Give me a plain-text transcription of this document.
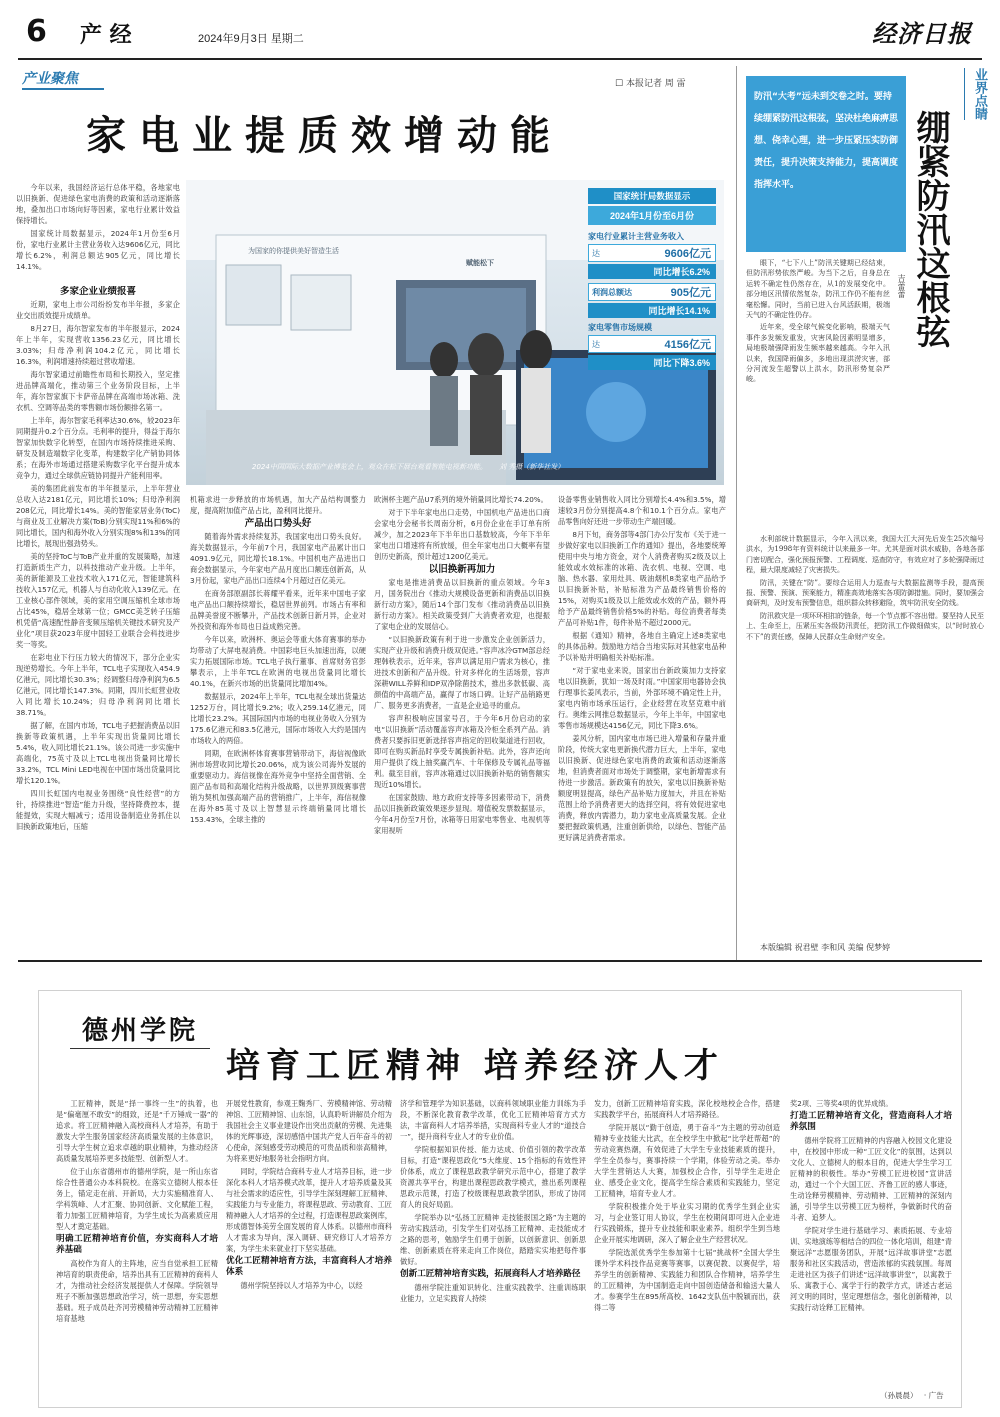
6 产 经	2024年9月3日 星期二	经济日报
产业聚焦	☐ 本报记者 周 雷
家电业提质效增动能

今年以来，我国经济运行总体平稳，各地家电以旧换新、促进绿色家电消费的政策和活动逐渐落地，叠加出口市场向好等因素，家电行业累计效益保持增长。

国家统计局数据显示，2024年1月份至6月份，家电行业累计主营业务收入达9606亿元，同比增长6.2%，利润总额达905亿元，同比增长14.1%。

为国家的你提供美好智造生活
赋能松下
2024中国国际大数据产业博览会上，观众在松下展台观看智能电视新功能。 刘 秀摄（新华社发）
国家统计局数据显示
2024年1月份至6月份
家电行业累计主营业务收入
达	9606亿元
同比增长6.2%
利润总额达	905亿元
同比增长14.1%
家电零售市场规模
达	4156亿元
同比下降3.6%

多家企业业绩报喜

近期，家电上市公司纷纷发布半年报，多家企业交出质效提升成绩单。

8月27日，海尔智家发布的半年报显示，2024年上半年，实现营收1356.23亿元，同比增长3.03%；归母净利润104.2亿元，同比增长16.3%，利润增速持续超过营收增速。

海尔智家通过前瞻性布局和长期投入，坚定推进品牌高端化，推动第三个业务阶段目标，上半年，海尔智家旗下卡萨帝品牌在高端市场冰箱、洗衣机、空调等品类的零售额市场份额排名第一。

上半年，海尔智家毛利率达30.6%，较2023年同期提升0.2个百分点。毛利率的提升，得益于海尔智家加快数字化转型，在国内市场持续推进采购、研发及制造端数字化变革，构建数字化产销协同体系；在海外市场通过搭建采购数字化平台提升成本竞争力，通过全球供应链协同提升产能利用率。

美的集团此前发布的半年报显示，上半年营业总收入达2181亿元，同比增长10%；归母净利润208亿元，同比增长14%。美的智能家居业务(ToC)与商业及工业解决方案(ToB)分别实现11%和6%的同比增长，国内和海外收入分别实现8%和13%的同比增长，展现出强劲势头。

美的坚持ToC与ToB产业并重的发展策略，加速打造新质生产力，以科技推动产业升级。上半年，美的新能源及工业技术收入171亿元，智能建筑科技收入157亿元，机器人与自动化收入139亿元。在工业核心部件领域，美的家用空调压缩机全球市场占比45%，稳居全球第一位；GMCC美芝转子压缩机凭借“高速配性静音变频压缩机关键技术研究及产业化”项目获2023年度中国轻工业联合会科技进步奖一等奖。

在彩电业下行压力较大的情况下，部分企业实现逆势增长。今年上半年，TCL电子实现收入454.9亿港元，同比增长30.3%；经调整归母净利润为6.5亿港元，同比增长147.3%。同期，四川长虹营业收入同比增长10.24%；归母净利润同比增长38.71%。

据了解，在国内市场，TCL电子把握消费品以旧换新等政策机遇，上半年实现出货量同比增长5.4%，收入同比增长21.1%。该公司进一步实施中高端化，75英寸及以上TCL电视出货量同比增长33.2%，TCL Mini LED电视在中国市场出货量同比增长120.1%。

四川长虹国内电视业务围绕“良性经营”的方针，持续推进“智造”能力升级，坚持降费控本，提能提效，实现大幅减亏；适用设备制造业务抓住以旧换新政策地后，压缩

机箱求进一步释放的市场机遇，加大产品结构调整力度，提高附加值产品占比，盈利同比提升。

产品出口势头好

随着海外需求持续复苏，我国家电出口势头良好。海关数据显示，今年前7个月，我国家电产品累计出口4091.9亿元，同比增长18.1%。中国机电产品进出口商会数据显示，今年家电产品月度出口额连创新高，从3月份起，家电产品出口连续4个月超过百亿美元。

在商务部原副部长蒋耀平看来，近年来中国电子家电产品出口额持续增长，稳居世界前列。市场占有率和品牌美誉度不断攀升，产品技术创新日新月异，企业对外投资和海外布局也日益成熟完善。

今年以来，欧洲杯、奥运会等重大体育赛事的举办均带动了大屏电视消费。中国彩电巨头加速出海，以硬实力拓展国际市场。TCL电子执行董事、首席财务官彭攀表示，上半年TCL在欧洲的电视出货量同比增长40.1%，在新兴市场的出货量同比增加4%。

数据显示，2024年上半年，TCL电视全球出货量达1252万台，同比增长9.2%；收入259.14亿港元，同比增长23.2%。其国际国内市场的电视业务收入分别为175.6亿港元和83.5亿港元，国际市场收入大约是国内市场收入的两倍。

同期，在欧洲杯体育赛事营销带动下，海信视像欧洲市场营收同比增长20.06%，成为该公司海外发展的重要驱动力。海信视像在海外竞争中坚持全面营销、全面产品布局和高端化结构升级战略，以世界顶级赛事营销为契机加强高端产品的营销推广，上半年，海信视像在海外85英寸及以上智慧显示终端销量同比增长153.43%，全球主推的

欧洲杯主题产品U7系列的境外销量同比增长74.20%。

对于下半年家电出口走势，中国机电产品进出口商会家电分会秘书长周南分析，6月份企业在手订单有所减少，加之2023年下半年出口基数较高，今年下半年家电出口增速将有所放缓，但全年家电出口大概率有望创历史新高，预计超过1200亿美元。

以旧换新再加力

家电是推进消费品以旧换新的重点领域。今年3月，国务院出台《推动大规模设备更新和消费品以旧换新行动方案》，随后14个部门发布《推动消费品以旧换新行动方案》。相关政策受到广大消费者欢迎，也提振了家电企业的发展信心。

“以旧换新政策有利于进一步激发企业创新活力，实现产业升级和消费升级双促进。”容声冰冷GTM部总经理韩秩表示，近年来，容声以满足用户需求为核心，推进技术创新和产品升级。针对多样化的生活场景，容声深耕WILL养鲜和IDP双净除菌技术，推出多款低碳、高颜值的中高端产品，赢得了市场口碑。让好产品销路更广、服务更多消费者，一直是企业追寻的重点。

容声积极响应国家号召，于今年6月份启动的家电“以旧换新”活动覆盖容声冰箱及冷柜全系列产品。消费者只要拆旧更新选择容声指定的回收渠道进行回收，即可在购买新品时享受专属换新补贴。此外，容声还向用户提供了线上抽奖赢汽车、十年保修及专属礼品等福利。截至目前，容声冰箱通过以旧换新补贴的销售额实现近10%增长。

在国家鼓励、地方政府支持等多因素带动下，消费品以旧换新政策效果逐步显现。增值税发票数据显示，今年4月份至7月份，冰箱等日用家电零售业、电视机等家用视听

设备零售业销售收入同比分别增长4.4%和3.5%，增速较3月份分别提高4.8个和10.1个百分点。家电产品零售向好还进一步带动生产端回暖。

8月下旬，商务部等4部门办公厅发布《关于进一步做好家电以旧换新工作的通知》提出，各地要统筹使用中央与地方资金，对个人消费者购买2级及以上能效或水效标准的冰箱、洗衣机、电视、空调、电脑、热水器、家用灶具、吸油烟机8类家电产品给予以旧换新补贴，补贴标准为产品最终销售价格的15%，对购买1级及以上能效或水效的产品，额外再给予产品最终销售价格5%的补贴。每位消费者每类产品可补贴1件，每件补贴不超过2000元。

根据《通知》精神，各地自主确定上述8类家电的具体品种。鼓励地方结合当地实际对其他家电品种予以补贴并明确相关补贴标准。

“对于家电业来说，国家出台新政策加力支持家电以旧换新，犹如一场及时雨。”中国家用电器协会执行理事长姜风表示，当前，外部环境不确定性上升，家电内销市场承压运行，企业经营在攻坚克难中前行。奥维云网推总数据显示，今年上半年，中国家电零售市场规模达4156亿元，同比下降3.6%。

姜风分析，国内家电市场已进入增量和存量并重阶段，传统大家电更新换代潜力巨大，上半年，家电以旧换新、促进绿色家电消费的政策和活动逐渐落地，但消费者面对市场处于调整期，家电新增需求有待进一步激活。新政策有的放矢，家电以旧换新补贴额度明显提高，绿色产品补贴力度加大，并且在补贴范围上给予消费者更大的选择空间，将有效促进家电消费，释放内需潜力，助力家电业高质量发展。企业要把握政策机遇，注重创新供给，以绿色、智能产品更好满足消费者需求。

业界点睛
防汛“大考”远未到交卷之时。要持续绷紧防汛这根弦，坚决杜绝麻痹思想、侥幸心理，进一步压紧压实防御责任，提升决策支持能力，提高调度指挥水平。	绷紧防汛这根弦
吉蕾蕾

眼下，“七下八上”防汛关键期已经结束，但防汛形势依然严峻。为当下之后，自身总在运转不确定性仍然存在，从1的发展变化中。部分地区汛情依然复杂，防汛工作仍不能有丝毫松懈。同时，当前已进入台风活跃期，极端天气的不确定性仍存。

近年来，受全球气候变化影响，极端天气事件多发频发重发，灾害风险因素明显增多，局地极端强降雨发生频率越来越高。今年入汛以来，我国降雨偏多，多地出现洪涝灾害，部分河流发生超警以上洪水，防汛形势复杂严峻。

水利部统计数据显示，今年入汛以来，我国大江大河先后发生25次编号洪水，为1998年有资料统计以来最多一年。尤其是面对洪水威胁，各地各部门密切配合，强化预报预警、工程调度、巡查防守，有效应对了多轮强降雨过程，最大限度减轻了灾害损失。

防汛，关键在“防”。要综合运用人力巡查与大数据监测等手段，提高预报、预警、预演、预案能力，精准高效地落实各项防御措施。同时，要加强会商研判，及时发布预警信息，组织群众转移避险，筑牢防汛安全防线。

防汛救灾是一项环环相扣的链条，每一个节点都不容出错。要坚持人民至上、生命至上，压紧压实各级防汛责任，把防汛工作做细做实，以“时时放心不下”的责任感，保障人民群众生命财产安全。

本版编辑 祝君壁 李和风 美编 倪梦婷
德州学院
培育工匠精神 培养经济人才

工匠精神，既是“择一事终一生”的执着，也是“偏毫厘不敢安”的细致，还是“千万锤成一器”的追求。将工匠精神融入高校商科人才培养，有助于激发大学生服务国家经济高质量发展的主体意识，引导大学生树立追求卓越的职业精神，为推动经济高质量发展培养更多技能型、创新型人才。

位于山东省德州市的德州学院，是一所山东省综合性普通公办本科院校。在落实立德树人根本任务上，锚定走在前、开新局，大力实施精准育人、学科筑峰、人才汇聚、协同创新、文化赋能工程，着力加强工匠精神培育，为学生成长为高素质应用型人才奠定基础。

明确工匠精神培育价值，夯实商科人才培养基础

高校作为育人的主阵地，应当自觉承担工匠精神培育的职责使命，培养出具有工匠精神的商科人才，为推动社会经济发展提供人才保障。学院领导班子不断加强思想政治学习，统一思想，夯实思想基础。班子成员赴齐河劳模精神劳动精神工匠精神培育基地

开展党性教育，参观王麴秀厂、劳模精神馆、劳动精神馆、工匠精神馆、山东馆，认真聆听讲解员介绍为我国社会主义事业建设作出突出贡献的劳模、先进集体的光辉事迹，深切感悟中国共产党人百年奋斗的初心使命，深刻感受劳动模范的可贵品质和崇高精神，为将来更好地服务社会指明方向。

同时，学院结合商科专业人才培养目标，进一步深化本科人才培养模式改革，提升人才培养质量及其与社会需求的适应性，引导学生深刻理解工匠精神、实践能力与专业能力，将课程思政、劳动教育、工匠精神融入人才培养的全过程，打造课程思政案例库，形成德智体美劳全面发展的育人体系。以德州市商科人才需求为导向，深入调研、研究修订人才培养方案，为学生未来就业打下坚实基础。

优化工匠精神培育方法，丰富商科人才培养体系

德州学院坚持以人才培养为中心，以经

济学和管理学为知识基础，以商科领域职业能力训练为手段，不断深化教育教学改革，优化工匠精神培育方式方法，丰富商科人才培养举措，实现商科专业人才的“道技合一”，提升商科专业人才的专业价值。

学院根据知识传授、能力达成、价值引领的教学改革目标，打造“课程思政化”5大维度、15个指标的有效性评价体系，成立了课程思政教学研究示范中心，搭建了教学资源共享平台，构建出课程思政教学模式，推出系列课程思政示范课，打造了校级课程思政教学团队，形成了协同育人的良好局面。

学院举办以“弘扬工匠精神 走技能报国之路”为主题的劳动实践活动，引发学生们对弘扬工匠精神、走技能成才之路的思考，勉励学生们勇于创新，以创新意识、创新思维、创新素质在将来走向工作岗位，踏踏实实地把每件事做好。

创新工匠精神培育实践，拓展商科人才培养路径

德州学院注重知识转化、注重实践教学、注重训练职业能力，立足实践育人持续

发力，创新工匠精神培育实践，深化校地校企合作，搭建实践教学平台，拓展商科人才培养路径。

学院开展以“勤于创造，勇于奋斗”为主题的劳动创造精神专业技能大比武，在全校学生中掀起“比学赶帮超”的劳动竞赛热潮，有效促进了大学生专业技能素质的提升，学生全员参与，赛事持续一个学期，体验劳动之美。举办大学生营销达人大赛，加强校企合作，引导学生走进企业、感受企业文化，提高学生综合素质和实践能力，坚定工匠精神，培育专业人才。

学院积极推介处于毕业实习期的优秀学生到企业实习，与企业签订用人协议，学生在校期间即可进入企业进行实践锻炼，提升专业技能和职业素养。组织学生到当地企业开展实地调研，深入了解企业生产经营状况。

学院选派优秀学生参加第十七届“挑战杯”全国大学生课外学术科技作品竞赛等赛事，以赛促教、以赛促学，培养学生的创新精神、实践能力和团队合作精神，培养学生的工匠精神，为中国制造走向中国创造储备和输送大量人才。参赛学生在895所高校、1642支队伍中脱颖而出，获得二等

奖2项、三等奖4项的优异成绩。

打造工匠精神培育文化，营造商科人才培养氛围

德州学院将工匠精神的内容融入校园文化建设中，在校园中形成一种“工匠文化”的氛围，达到以文化人、立德树人的根本目的，促进大学生学习工匠精神的积极性。举办“劳模工匠进校园”宣讲活动，通过一个个大国工匠、齐鲁工匠的感人事迹，生动诠释劳模精神、劳动精神、工匠精神的深刻内涵，引导学生以劳模工匠为榜样，争做新时代的奋斗者、追梦人。

学院对学生进行基础学习、素质拓展、专业培训、实地演练等相结合的四位一体化培训，组建“青聚远洋”志愿服务团队，开展“远洋故事讲堂”志愿服务和社区实践活动，营造浓郁的实践氛围。每周走进社区为孩子们讲述“远洋故事讲堂”，以寓教于乐、寓教于心、寓学于行的教学方式，讲述古老运河文明的同时，坚定理想信念，强化创新精神，以实践行动诠释工匠精神。

（孙晨晨） · 广告
